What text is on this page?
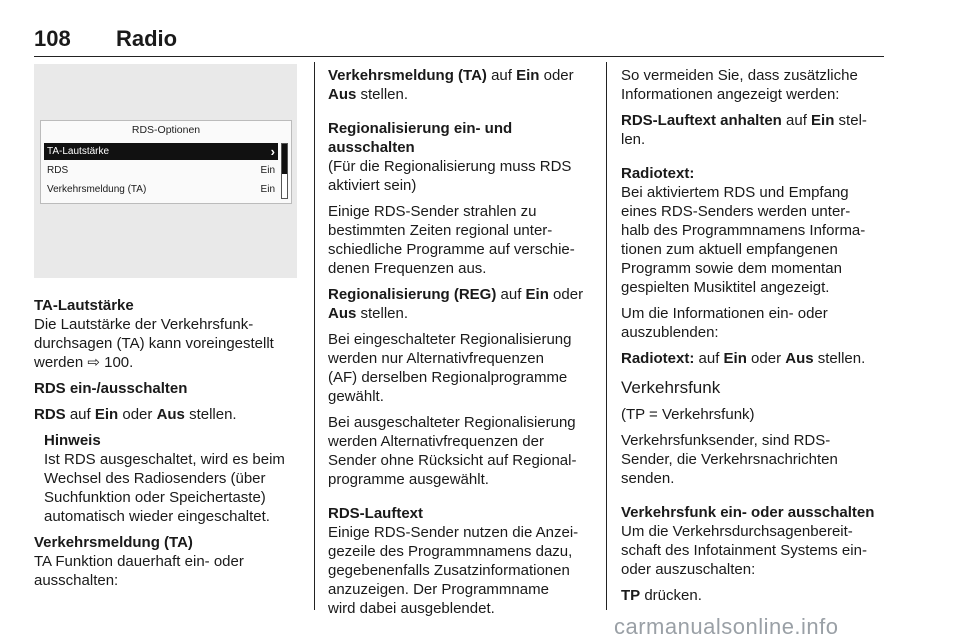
108	Radio
RDS-Optionen
TA-Lautstärke	›
RDS	Ein
Verkehrsmeldung (TA)	Ein
TA-Lautstärke

Die Lautstärke der Verkehrsfunk-
durchsagen (TA) kann voreingestellt
werden ⇨ 100.

RDS ein-/ausschalten

RDS auf Ein oder Aus stellen.

Hinweis
Ist RDS ausgeschaltet, wird es beim
Wechsel des Radiosenders (über
Suchfunktion oder Speichertaste)
automatisch wieder eingeschaltet.
Verkehrsmeldung (TA)

TA Funktion dauerhaft ein- oder
ausschalten:

Verkehrsmeldung (TA) auf Ein oder
Aus stellen.

Regionalisierung ein- und
ausschalten

(Für die Regionalisierung muss RDS
aktiviert sein)

Einige RDS-Sender strahlen zu
bestimmten Zeiten regional unter-
schiedliche Programme auf verschie-
denen Frequenzen aus.

Regionalisierung (REG) auf Ein oder
Aus stellen.

Bei eingeschalteter Regionalisierung
werden nur Alternativfrequenzen
(AF) derselben Regionalprogramme
gewählt.

Bei ausgeschalteter Regionalisierung
werden Alternativfrequenzen der
Sender ohne Rücksicht auf Regional-
programme ausgewählt.

RDS-Lauftext

Einige RDS-Sender nutzen die Anzei-
gezeile des Programmnamens dazu,
gegebenenfalls Zusatzinformationen
anzuzeigen. Der Programmname
wird dabei ausgeblendet.

So vermeiden Sie, dass zusätzliche
Informationen angezeigt werden:

RDS-Lauftext anhalten auf Ein stel-
len.

Radiotext:

Bei aktiviertem RDS und Empfang
eines RDS-Senders werden unter-
halb des Programmnamens Informa-
tionen zum aktuell empfangenen
Programm sowie dem momentan
gespielten Musiktitel angezeigt.

Um die Informationen ein- oder
auszublenden:

Radiotext: auf Ein oder Aus stellen.

Verkehrsfunk

(TP = Verkehrsfunk)

Verkehrsfunksender, sind RDS-
Sender, die Verkehrsnachrichten
senden.

Verkehrsfunk ein- oder ausschalten

Um die Verkehrsdurchsagenbereit-
schaft des Infotainment Systems ein-
oder auszuschalten:

TP drücken.

carmanualsonline.info
